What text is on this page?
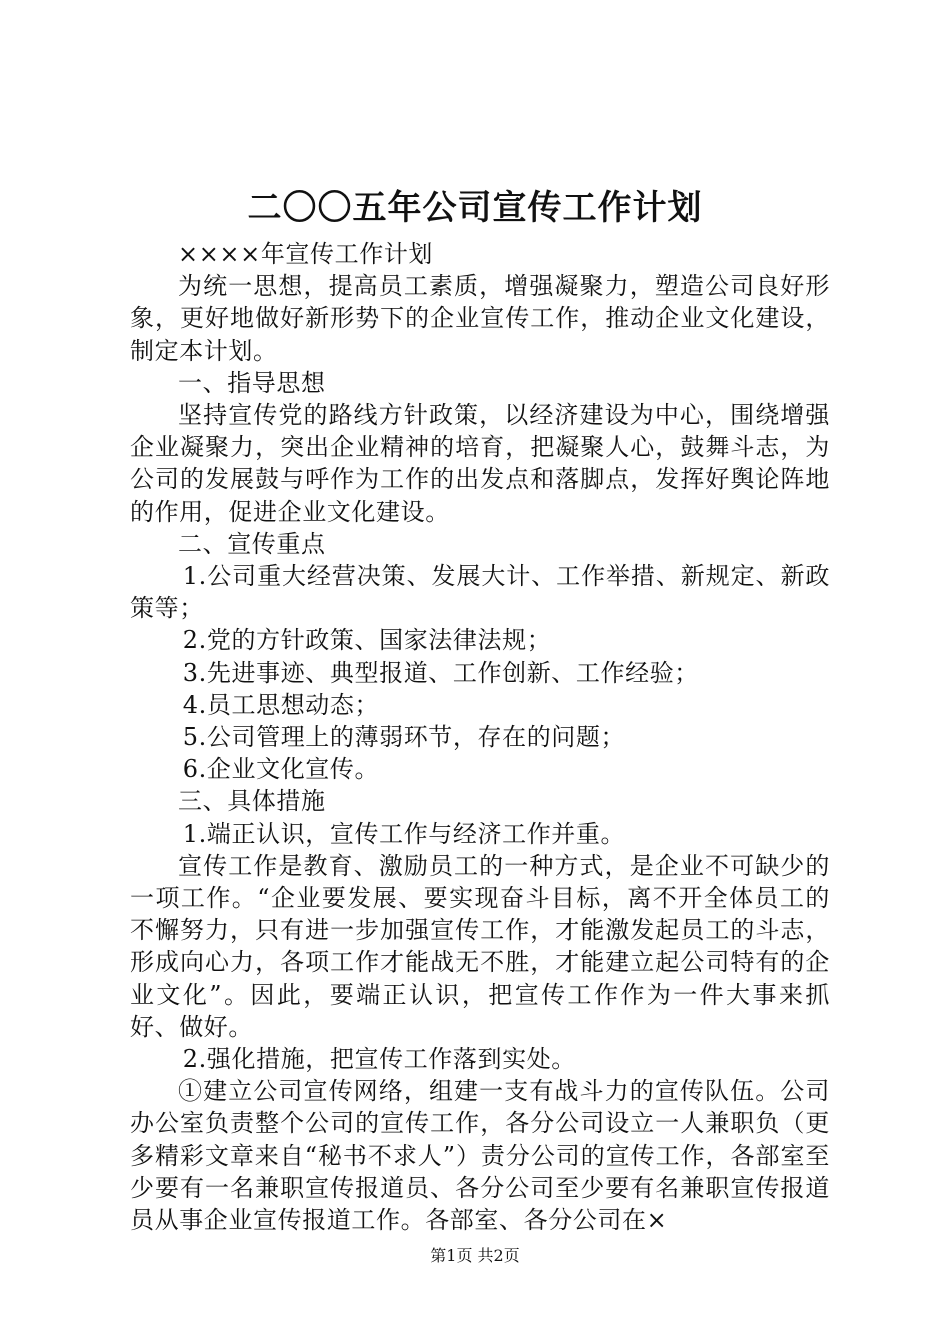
二〇〇五年公司宣传工作计划

××××年宣传工作计划

为统一思想，提高员工素质，增强凝聚力，塑造公司良好形象，更好地做好新形势下的企业宣传工作，推动企业文化建设，制定本计划。

一、指导思想

坚持宣传党的路线方针政策，以经济建设为中心，围绕增强企业凝聚力，突出企业精神的培育，把凝聚人心，鼓舞斗志，为公司的发展鼓与呼作为工作的出发点和落脚点，发挥好舆论阵地的作用，促进企业文化建设。

二、宣传重点

1.公司重大经营决策、发展大计、工作举措、新规定、新政策等；

2.党的方针政策、国家法律法规；

3.先进事迹、典型报道、工作创新、工作经验；

4.员工思想动态；

5.公司管理上的薄弱环节，存在的问题；

6.企业文化宣传。

三、具体措施

1.端正认识，宣传工作与经济工作并重。

宣传工作是教育、激励员工的一种方式，是企业不可缺少的一项工作。“企业要发展、要实现奋斗目标，离不开全体员工的不懈努力，只有进一步加强宣传工作，才能激发起员工的斗志，形成向心力，各项工作才能战无不胜，才能建立起公司特有的企业文化”。因此，要端正认识，把宣传工作作为一件大事来抓好、做好。

2.强化措施，把宣传工作落到实处。

①建立公司宣传网络，组建一支有战斗力的宣传队伍。公司办公室负责整个公司的宣传工作，各分公司设立一人兼职负（更多精彩文章来自“秘书不求人”）责分公司的宣传工作，各部室至少要有一名兼职宣传报道员、各分公司至少要有名兼职宣传报道员从事企业宣传报道工作。各部室、各分公司在×

第1页 共2页
